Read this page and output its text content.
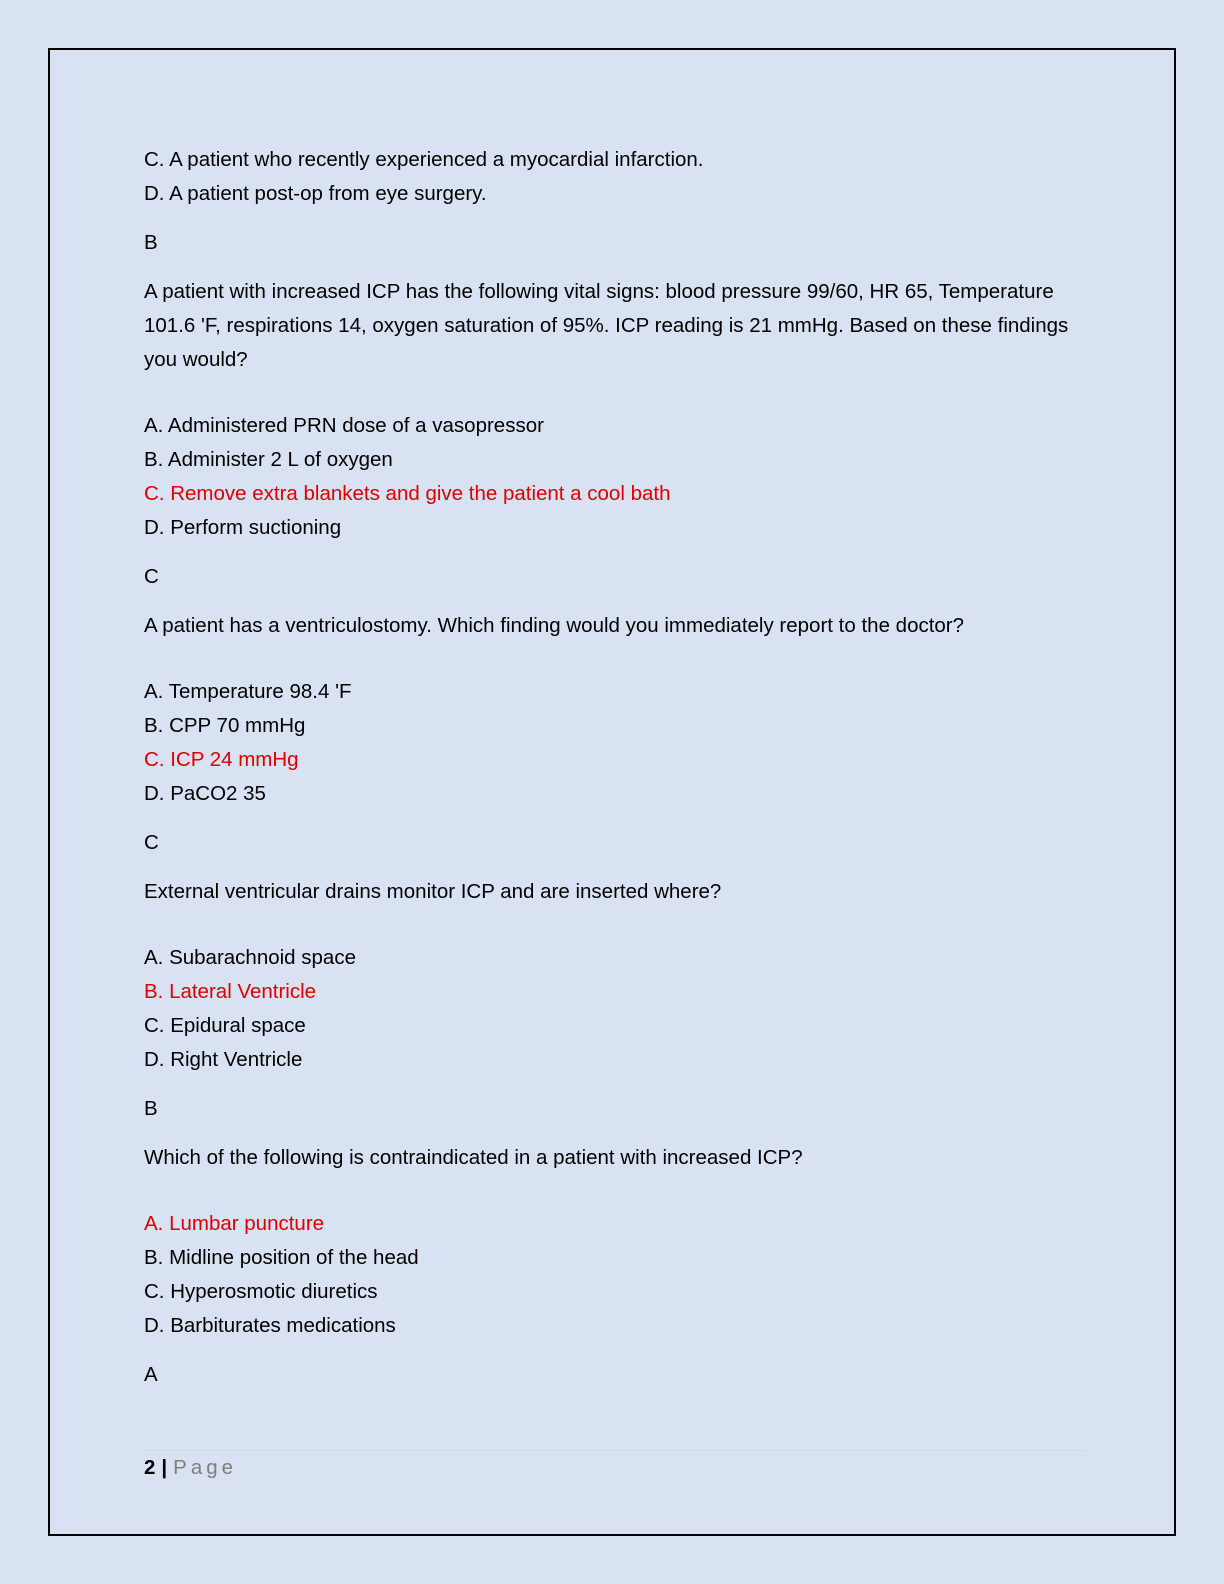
C. A patient who recently experienced a myocardial infarction.

D. A patient post-op from eye surgery.

B

A patient with increased ICP has the following vital signs: blood pressure 99/60, HR 65, Temperature 101.6 'F, respirations 14, oxygen saturation of 95%. ICP reading is 21 mmHg. Based on these findings you would?

A. Administered PRN dose of a vasopressor

B. Administer 2 L of oxygen

C. Remove extra blankets and give the patient a cool bath

D. Perform suctioning

C

A patient has a ventriculostomy. Which finding would you immediately report to the doctor?

A. Temperature 98.4 'F

B. CPP 70 mmHg

C. ICP 24 mmHg

D. PaCO2 35

C

External ventricular drains monitor ICP and are inserted where?

A. Subarachnoid space

B. Lateral Ventricle

C. Epidural space

D. Right Ventricle

B

Which of the following is contraindicated in a patient with increased ICP?

A. Lumbar puncture

B. Midline position of the head

C. Hyperosmotic diuretics

D. Barbiturates medications

A

2 | Page
